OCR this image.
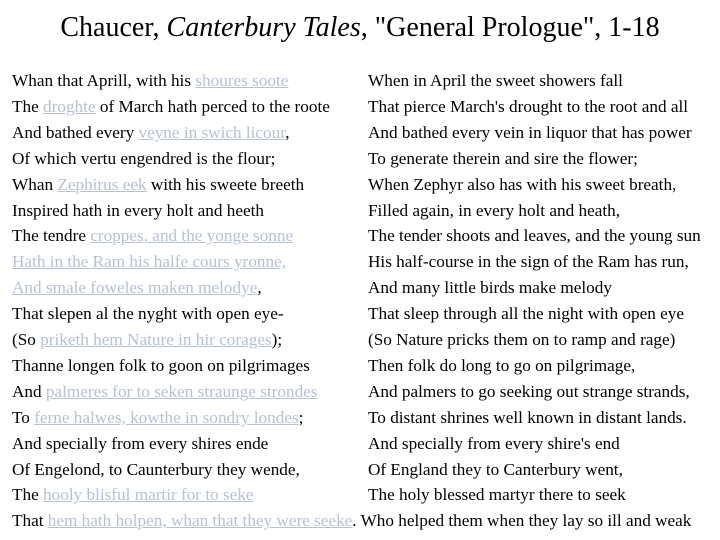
Chaucer, Canterbury Tales, "General Prologue", 1-18
Whan that Aprill, with his shoures soote
The droghte of March hath perced to the roote
And bathed every veyne in swich licour,
Of which vertu engendred is the flour;
Whan Zephirus eek with his sweete breeth
Inspired hath in every holt and heeth
The tendre croppes, and the yonge sonne
Hath in the Ram his halfe cours yronne,
And smale foweles maken melodye,
That slepen al the nyght with open eye-
(So priketh hem Nature in hir corages);
Thanne longen folk to goon on pilgrimages
And palmeres for to seken straunge strondes
To ferne halwes, kowthe in sondry londes;
And specially from every shires ende
Of Engelond, to Caunterbury they wende,
The hooly blisful martir for to seke
That hem hath holpen, whan that they were seeke. Who helped them when they lay so ill and weak
When in April the sweet showers fall
That pierce March's drought to the root and all
And bathed every vein in liquor that has power
To generate therein and sire the flower;
When Zephyr also has with his sweet breath,
Filled again, in every holt and heath,
The tender shoots and leaves, and the young sun
His half-course in the sign of the Ram has run,
And many little birds make melody
That sleep through all the night with open eye
(So Nature pricks them on to ramp and rage)
Then folk do long to go on pilgrimage,
And palmers to go seeking out strange strands,
To distant shrines well known in distant lands.
And specially from every shire's end
Of England they to Canterbury went,
The holy blessed martyr there to seek
